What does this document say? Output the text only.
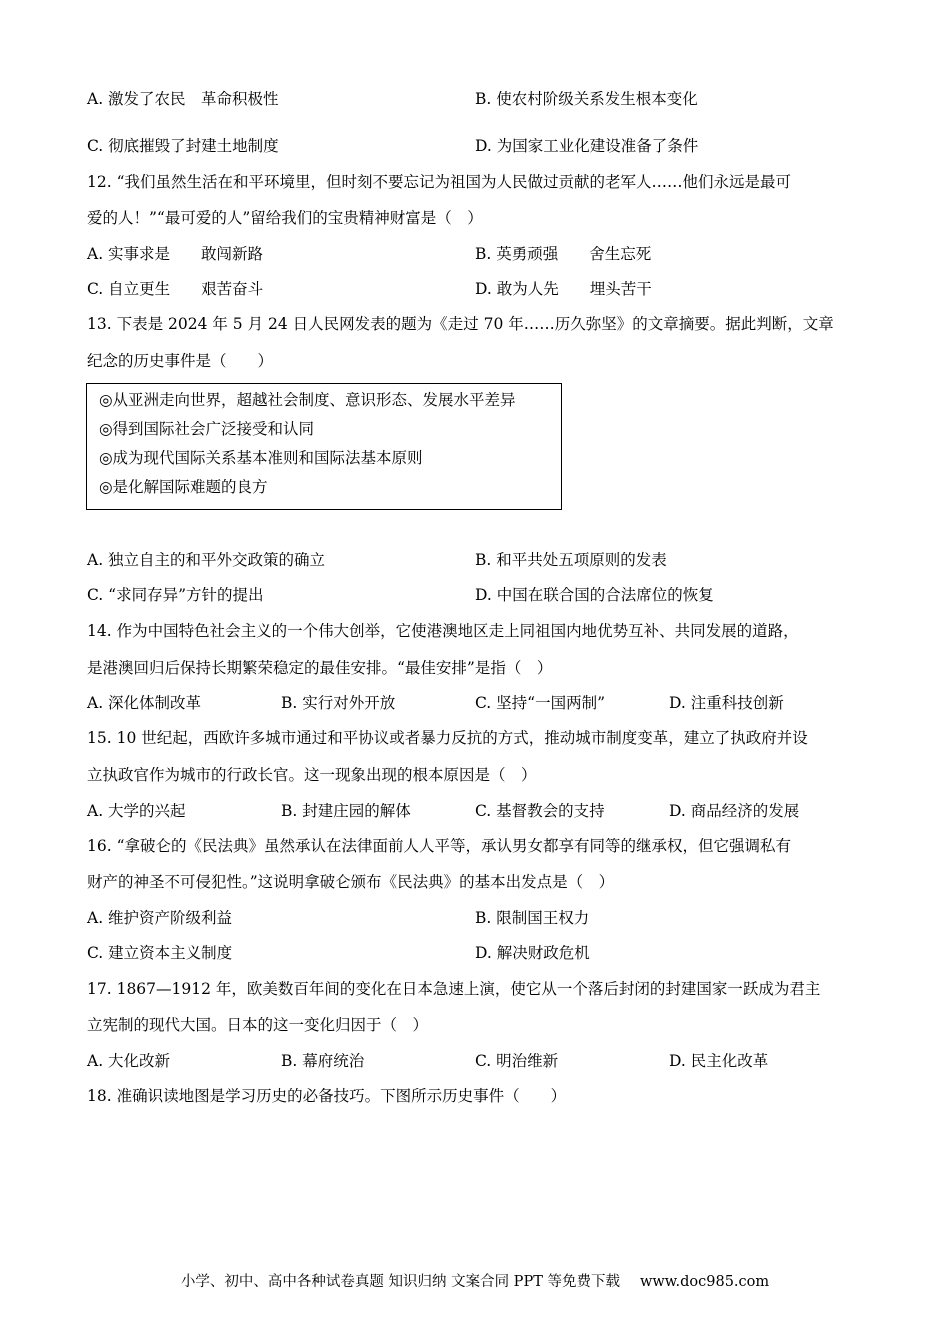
A. 激发了农民　革命积极性	B. 使农村阶级关系发生根本变化
C. 彻底摧毁了封建土地制度	D. 为国家工业化建设准备了条件
12. “我们虽然生活在和平环境里，但时刻不要忘记为祖国为人民做过贡献的老军人……他们永远是最可
爱的人！”“最可爱的人”留给我们的宝贵精神财富是（　）
A. 实事求是　　敢闯新路	B. 英勇顽强　　舍生忘死
C. 自立更生　　艰苦奋斗	D. 敢为人先　　埋头苦干
13. 下表是 2024 年 5 月 24 日人民网发表的题为《走过 70 年……历久弥坚》的文章摘要。据此判断，文章
纪念的历史事件是（　　）
◎从亚洲走向世界，超越社会制度、意识形态、发展水平差异
◎得到国际社会广泛接受和认同
◎成为现代国际关系基本准则和国际法基本原则
◎是化解国际难题的良方
A. 独立自主的和平外交政策的确立	B. 和平共处五项原则的发表
C. “求同存异”方针的提出	D. 中国在联合国的合法席位的恢复
14. 作为中国特色社会主义的一个伟大创举，它使港澳地区走上同祖国内地优势互补、共同发展的道路，
是港澳回归后保持长期繁荣稳定的最佳安排。“最佳安排”是指（　）
A. 深化体制改革	B. 实行对外开放	C. 坚持“一国两制”	D. 注重科技创新
15. 10 世纪起，西欧许多城市通过和平协议或者暴力反抗的方式，推动城市制度变革，建立了执政府并设
立执政官作为城市的行政长官。这一现象出现的根本原因是（　）
A. 大学的兴起	B. 封建庄园的解体	C. 基督教会的支持	D. 商品经济的发展
16. “拿破仑的《民法典》虽然承认在法律面前人人平等，承认男女都享有同等的继承权，但它强调私有
财产的神圣不可侵犯性。”这说明拿破仑颁布《民法典》的基本出发点是（　）
A. 维护资产阶级利益	B. 限制国王权力
C. 建立资本主义制度	D. 解决财政危机
17. 1867—1912 年，欧美数百年间的变化在日本急速上演，使它从一个落后封闭的封建国家一跃成为君主
立宪制的现代大国。日本的这一变化归因于（　）
A. 大化改新	B. 幕府统治	C. 明治维新	D. 民主化改革
18. 准确识读地图是学习历史的必备技巧。下图所示历史事件（　　）
小学、初中、高中各种试卷真题 知识归纳 文案合同 PPT 等免费下载 www.doc985.com
